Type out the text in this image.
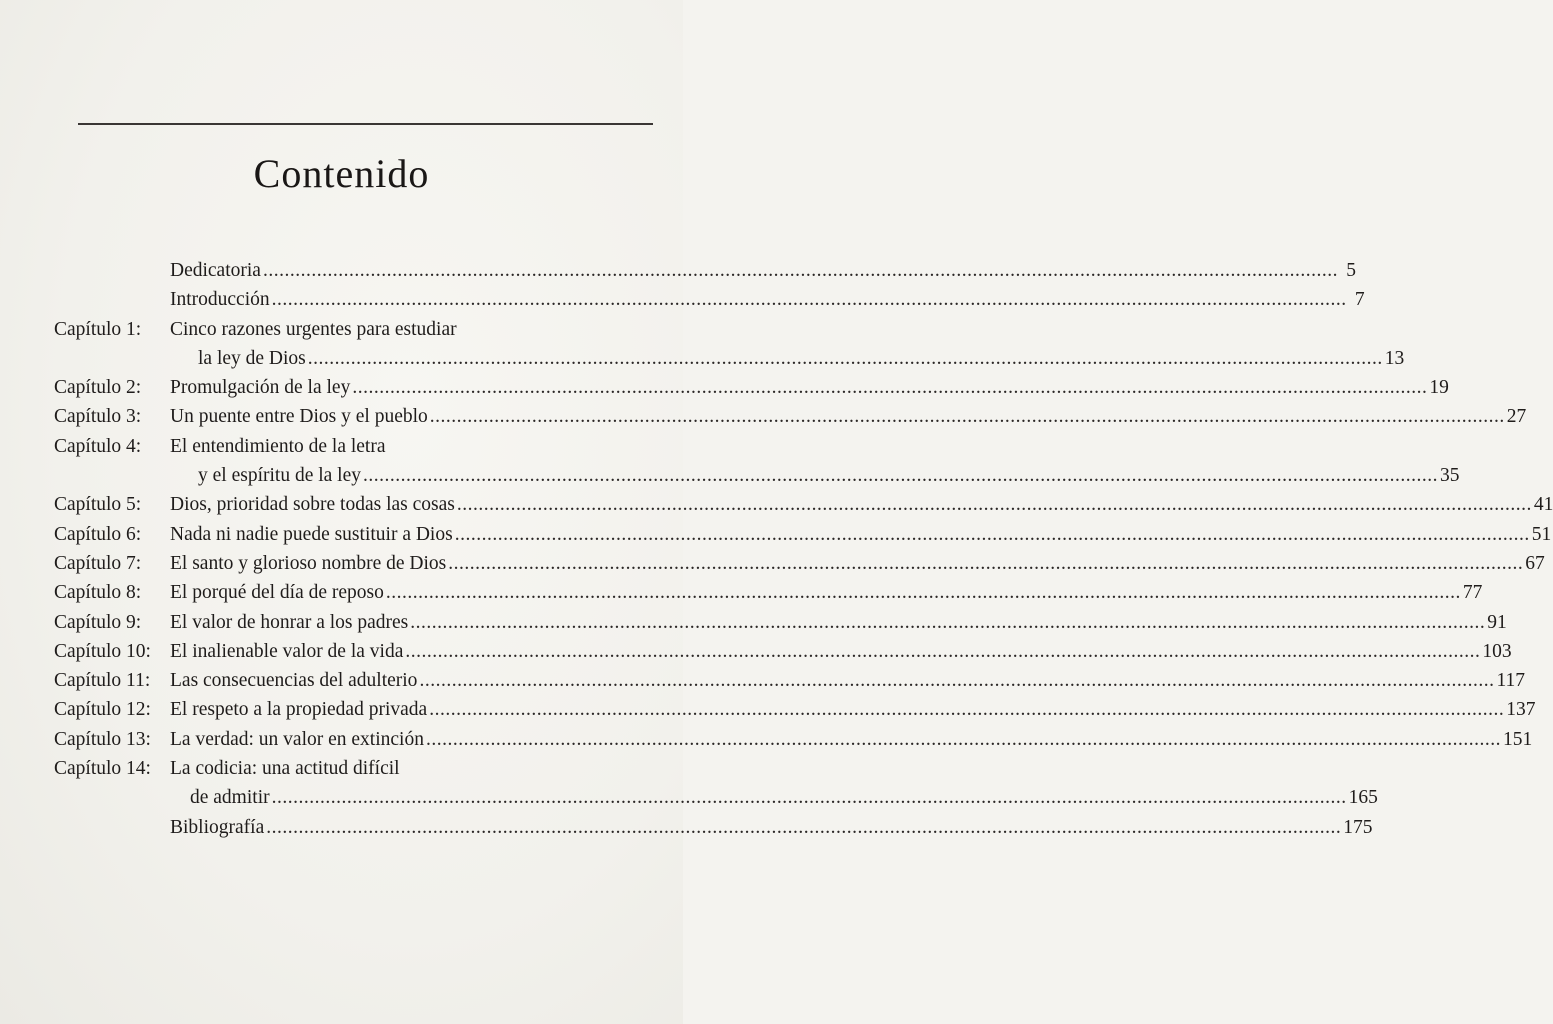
Contenido
Dedicatoria ........................................................................................................................................................................................................ 5
Introducción ........................................................................................................................................................................................................ 7
Capítulo 1: Cinco razones urgentes para estudiar
la ley de Dios ........................................................................................................................................................................................................ 13
Capítulo 2: Promulgación de la ley ........................................................................................................................................................................................................ 19
Capítulo 3: Un puente entre Dios y el pueblo ........................................................................................................................................................................................................ 27
Capítulo 4: El entendimiento de la letra
y el espíritu de la ley ........................................................................................................................................................................................................ 35
Capítulo 5: Dios, prioridad sobre todas las cosas ........................................................................................................................................................................................................ 41
Capítulo 6: Nada ni nadie puede sustituir a Dios ........................................................................................................................................................................................................ 51
Capítulo 7: El santo y glorioso nombre de Dios ........................................................................................................................................................................................................ 67
Capítulo 8: El porqué del día de reposo ........................................................................................................................................................................................................ 77
Capítulo 9: El valor de honrar a los padres ........................................................................................................................................................................................................ 91
Capítulo 10: El inalienable valor de la vida ........................................................................................................................................................................................................ 103
Capítulo 11: Las consecuencias del adulterio ........................................................................................................................................................................................................ 117
Capítulo 12: El respeto a la propiedad privada ........................................................................................................................................................................................................ 137
Capítulo 13: La verdad: un valor en extinción ........................................................................................................................................................................................................ 151
Capítulo 14: La codicia: una actitud difícil
de admitir ........................................................................................................................................................................................................ 165
Bibliografía ........................................................................................................................................................................................................ 175
